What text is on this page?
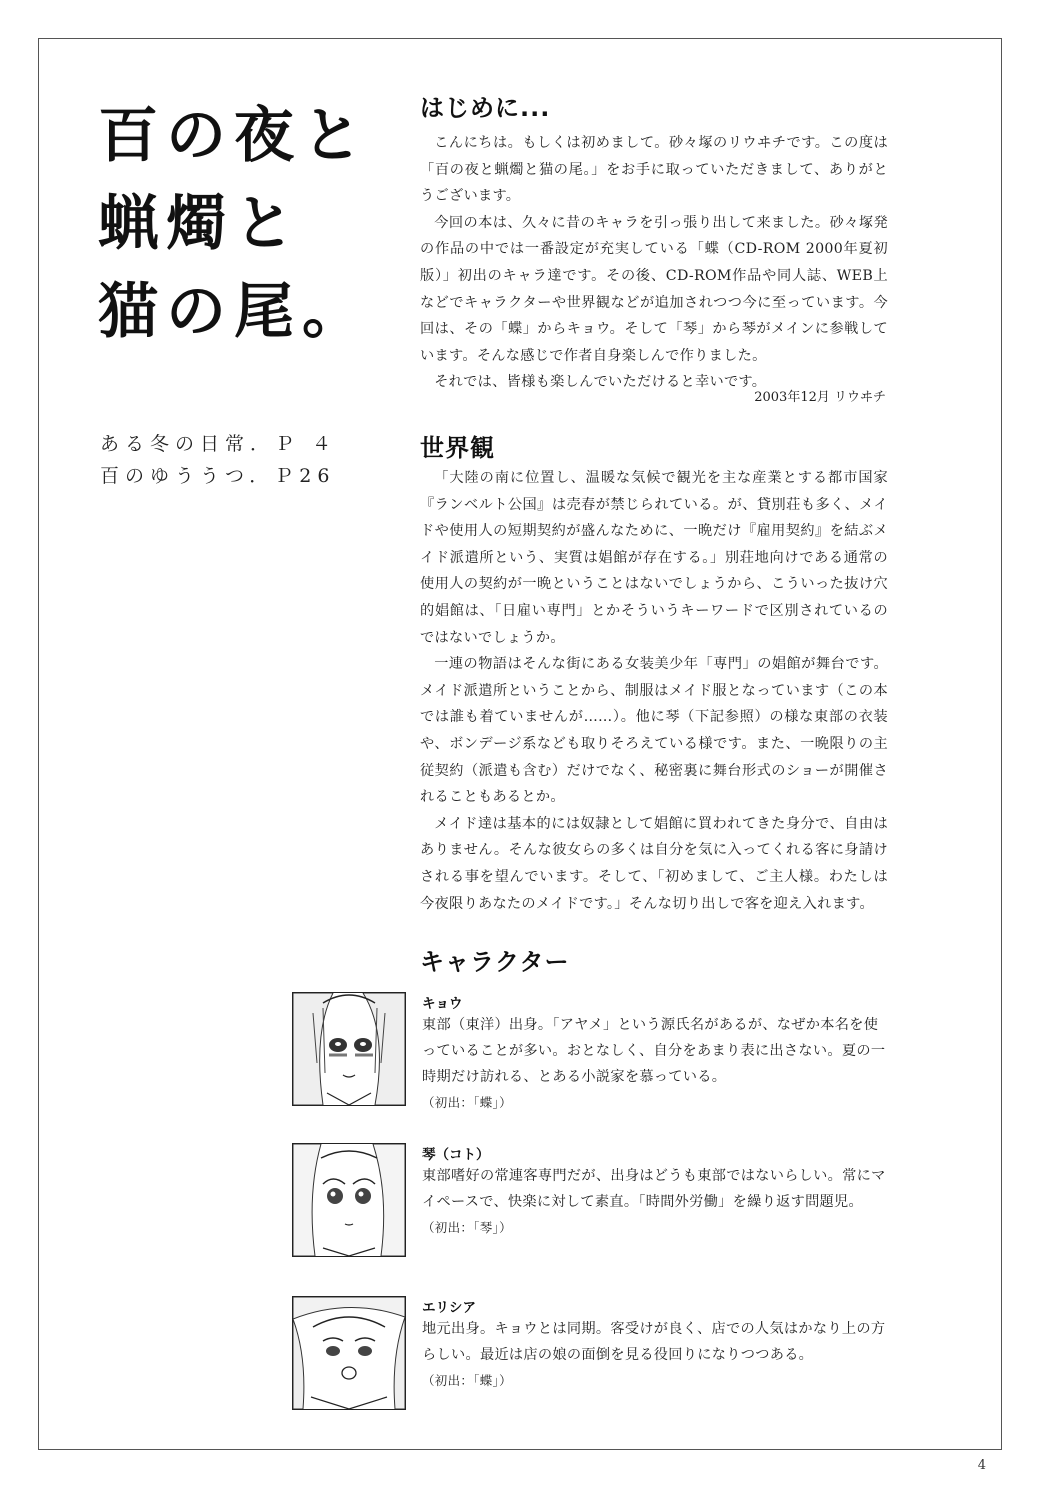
百の夜と
蝋燭と
猫の尾。
ある冬の日常．Ｐ ４
百のゆううつ．Ｐ26
はじめに...

こんにちは。もしくは初めまして。砂々塚のリウヰチです。この度は「百の夜と蝋燭と猫の尾。」をお手に取っていただきまして、ありがとうございます。

今回の本は、久々に昔のキャラを引っ張り出して来ました。砂々塚発の作品の中では一番設定が充実している「蝶（CD-ROM 2000年夏初版）」初出のキャラ達です。その後、CD-ROM作品や同人誌、WEB上などでキャラクターや世界観などが追加されつつ今に至っています。今回は、その「蝶」からキョウ。そして「琴」から琴がメインに参戦しています。そんな感じで作者自身楽しんで作りました。

それでは、皆様も楽しんでいただけると幸いです。

2003年12月 リウヰチ
世界観

「大陸の南に位置し、温暖な気候で観光を主な産業とする都市国家『ランベルト公国』は売春が禁じられている。が、貸別荘も多く、メイドや使用人の短期契約が盛んなために、一晩だけ『雇用契約』を結ぶメイド派遣所という、実質は娼館が存在する。」別荘地向けである通常の使用人の契約が一晩ということはないでしょうから、こういった抜け穴的娼館は、「日雇い専門」とかそういうキーワードで区別されているのではないでしょうか。

一連の物語はそんな街にある女装美少年「専門」の娼館が舞台です。メイド派遣所ということから、制服はメイド服となっています（この本では誰も着ていませんが……）。他に琴（下記参照）の様な東部の衣装や、ボンデージ系なども取りそろえている様です。また、一晩限りの主従契約（派遣も含む）だけでなく、秘密裏に舞台形式のショーが開催されることもあるとか。

メイド達は基本的には奴隷として娼館に買われてきた身分で、自由はありません。そんな彼女らの多くは自分を気に入ってくれる客に身請けされる事を望んでいます。そして、「初めまして、ご主人様。わたしは今夜限りあなたのメイドです。」そんな切り出しで客を迎え入れます。

キャラクター
キョウ
東部（東洋）出身。「アヤメ」という源氏名があるが、なぜか本名を使っていることが多い。おとなしく、自分をあまり表に出さない。夏の一時期だけ訪れる、とある小説家を慕っている。
（初出：「蝶」）
琴（コト）
東部嗜好の常連客専門だが、出身はどうも東部ではないらしい。常にマイペースで、快楽に対して素直。「時間外労働」を繰り返す問題児。
（初出：「琴」）
エリシア
地元出身。キョウとは同期。客受けが良く、店での人気はかなり上の方らしい。最近は店の娘の面倒を見る役回りになりつつある。
（初出：「蝶」）
4
